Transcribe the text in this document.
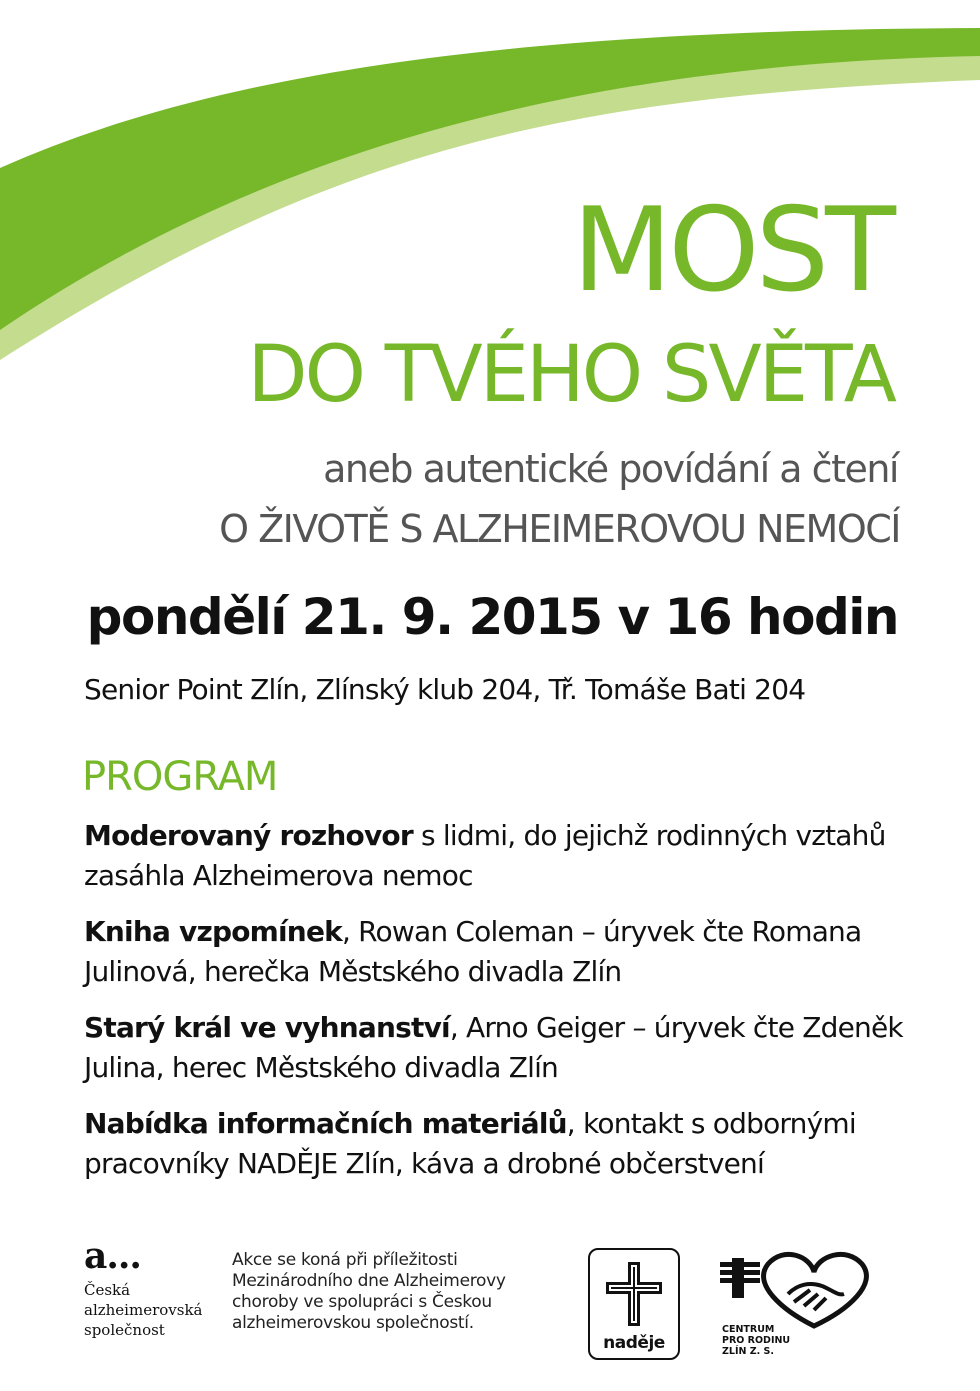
MOST
DO TVÉHO SVĚTA
aneb autentické povídání a čtení
O ŽIVOTĚ S ALZHEIMEROVOU NEMOCÍ
pondělí 21. 9. 2015 v 16 hodin
Senior Point Zlín, Zlínský klub 204, Tř. Tomáše Bati 204
PROGRAM
Moderovaný rozhovor s lidmi, do jejichž rodinných vztahů zasáhla Alzheimerova nemoc
Kniha vzpomínek, Rowan Coleman – úryvek čte Romana Julinová, herečka Městského divadla Zlín
Starý král ve vyhnanství, Arno Geiger – úryvek čte Zdeněk Julina, herec Městského divadla Zlín
Nabídka informačních materiálů, kontakt s odbornými pracovníky NADĚJE Zlín, káva a drobné občerstvení
a...
Česká
alzheimerovská
společnost
Akce se koná při příležitosti Mezinárodního dne Alzheimerovy choroby ve spolupráci s Českou alzheimerovskou společností.
naděje
CENTRUM
PRO RODINU
ZLÍN Z. S.
